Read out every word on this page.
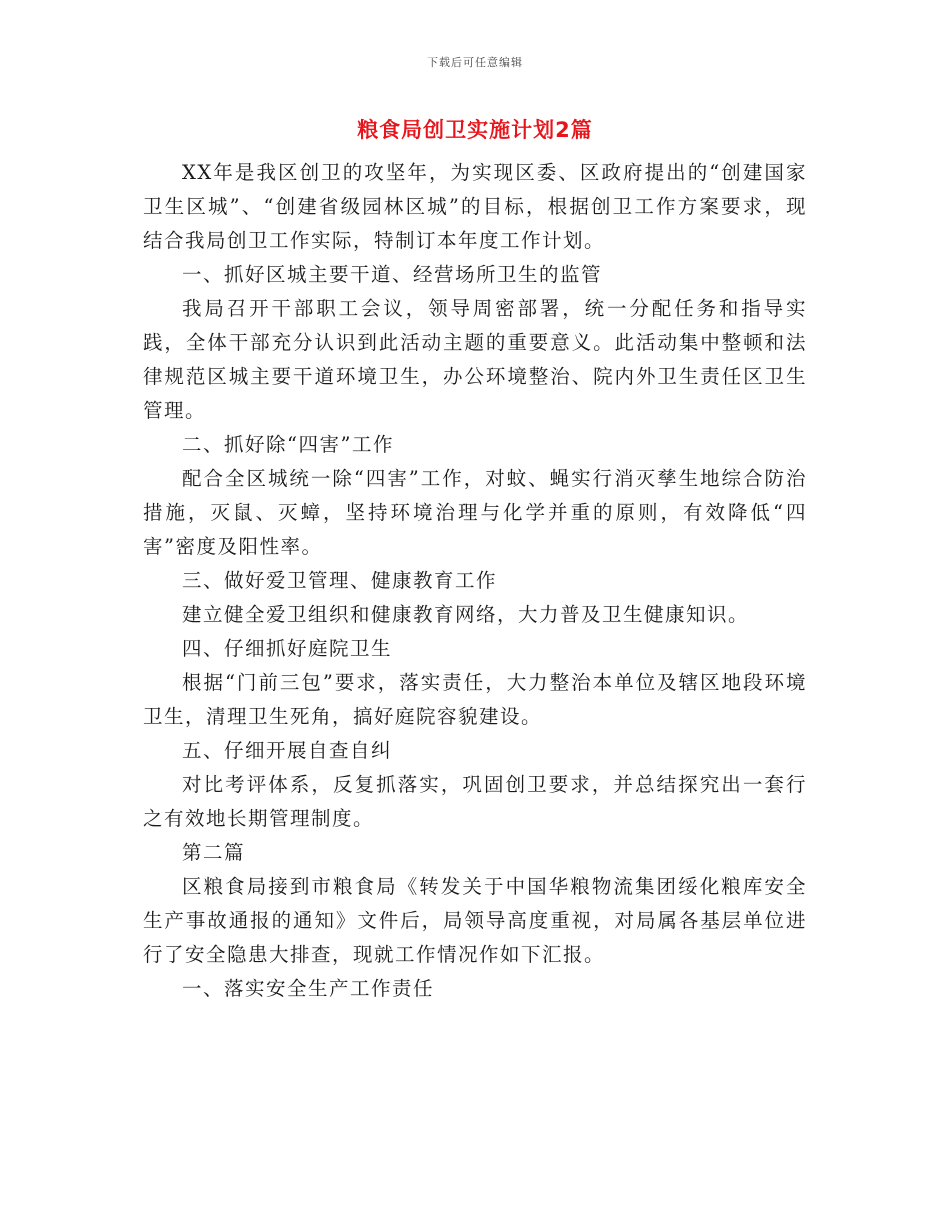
下载后可任意编辑
粮食局创卫实施计划2篇

XX年是我区创卫的攻坚年，为实现区委、区政府提出的“创建国家卫生区城”、“创建省级园林区城”的目标，根据创卫工作方案要求，现结合我局创卫工作实际，特制订本年度工作计划。

一、抓好区城主要干道、经营场所卫生的监管

我局召开干部职工会议，领导周密部署，统一分配任务和指导实践，全体干部充分认识到此活动主题的重要意义。此活动集中整顿和法律规范区城主要干道环境卫生，办公环境整治、院内外卫生责任区卫生管理。

二、抓好除“四害”工作

配合全区城统一除“四害”工作，对蚊、蝇实行消灭孳生地综合防治措施，灭鼠、灭蟑，坚持环境治理与化学并重的原则，有效降低“四害”密度及阳性率。

三、做好爱卫管理、健康教育工作

建立健全爱卫组织和健康教育网络，大力普及卫生健康知识。

四、仔细抓好庭院卫生

根据“门前三包”要求，落实责任，大力整治本单位及辖区地段环境卫生，清理卫生死角，搞好庭院容貌建设。

五、仔细开展自查自纠

对比考评体系，反复抓落实，巩固创卫要求，并总结探究出一套行之有效地长期管理制度。

第二篇

区粮食局接到市粮食局《转发关于中国华粮物流集团绥化粮库安全生产事故通报的通知》文件后，局领导高度重视，对局属各基层单位进行了安全隐患大排查，现就工作情况作如下汇报。

一、落实安全生产工作责任
